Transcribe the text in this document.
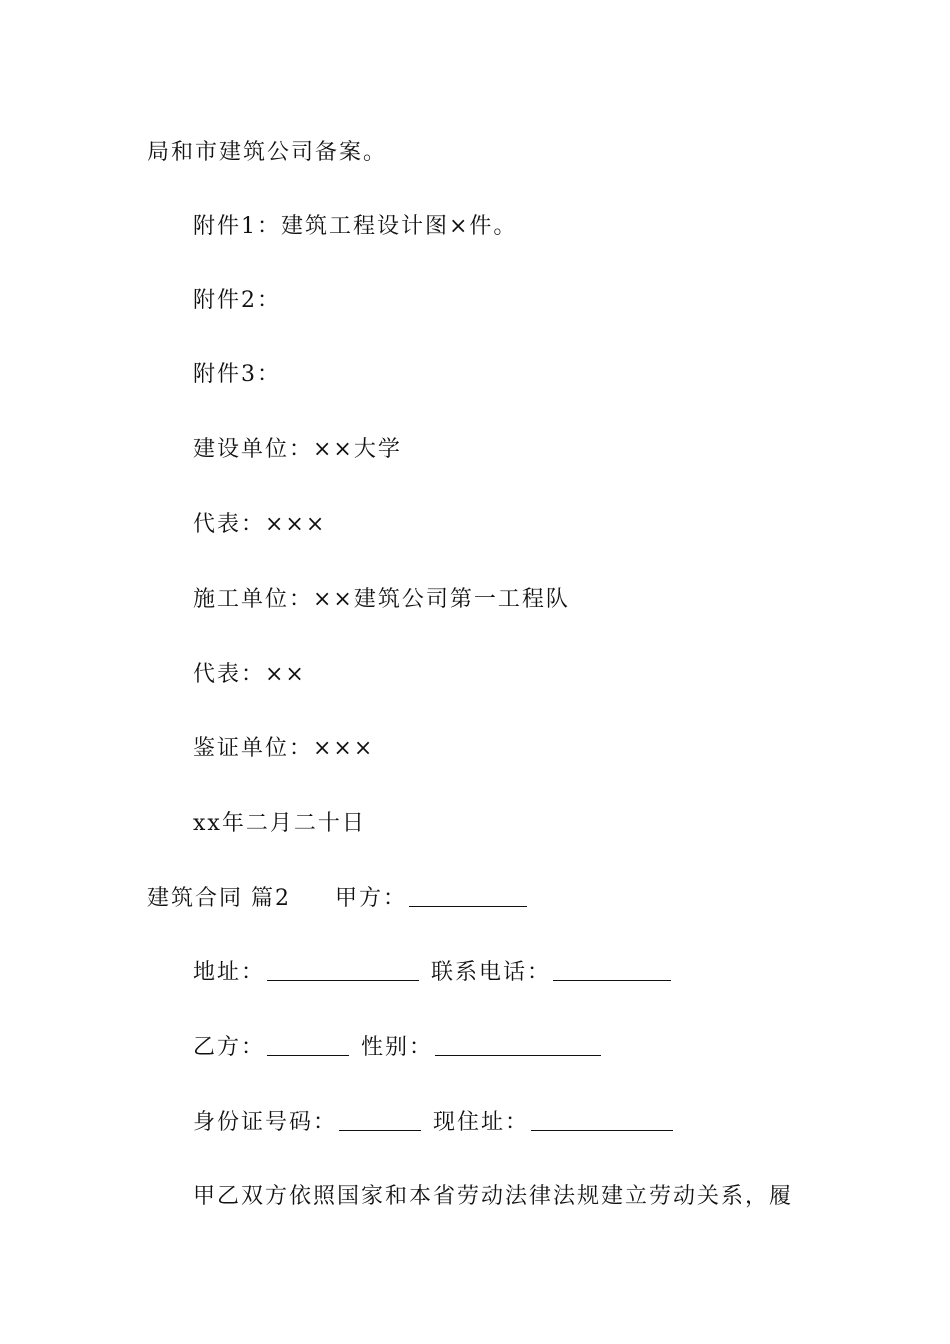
局和市建筑公司备案。
附件1：建筑工程设计图×件。
附件2：
附件3：
建设单位：××大学
代表：×××
施工单位：××建筑公司第一工程队
代表：××
鉴证单位：×××
xx年二月二十日
建筑合同 篇2 甲方：
地址：	联系电话：
乙方：	性别：
身份证号码：	现住址：
甲乙双方依照国家和本省劳动法律法规建立劳动关系，履
